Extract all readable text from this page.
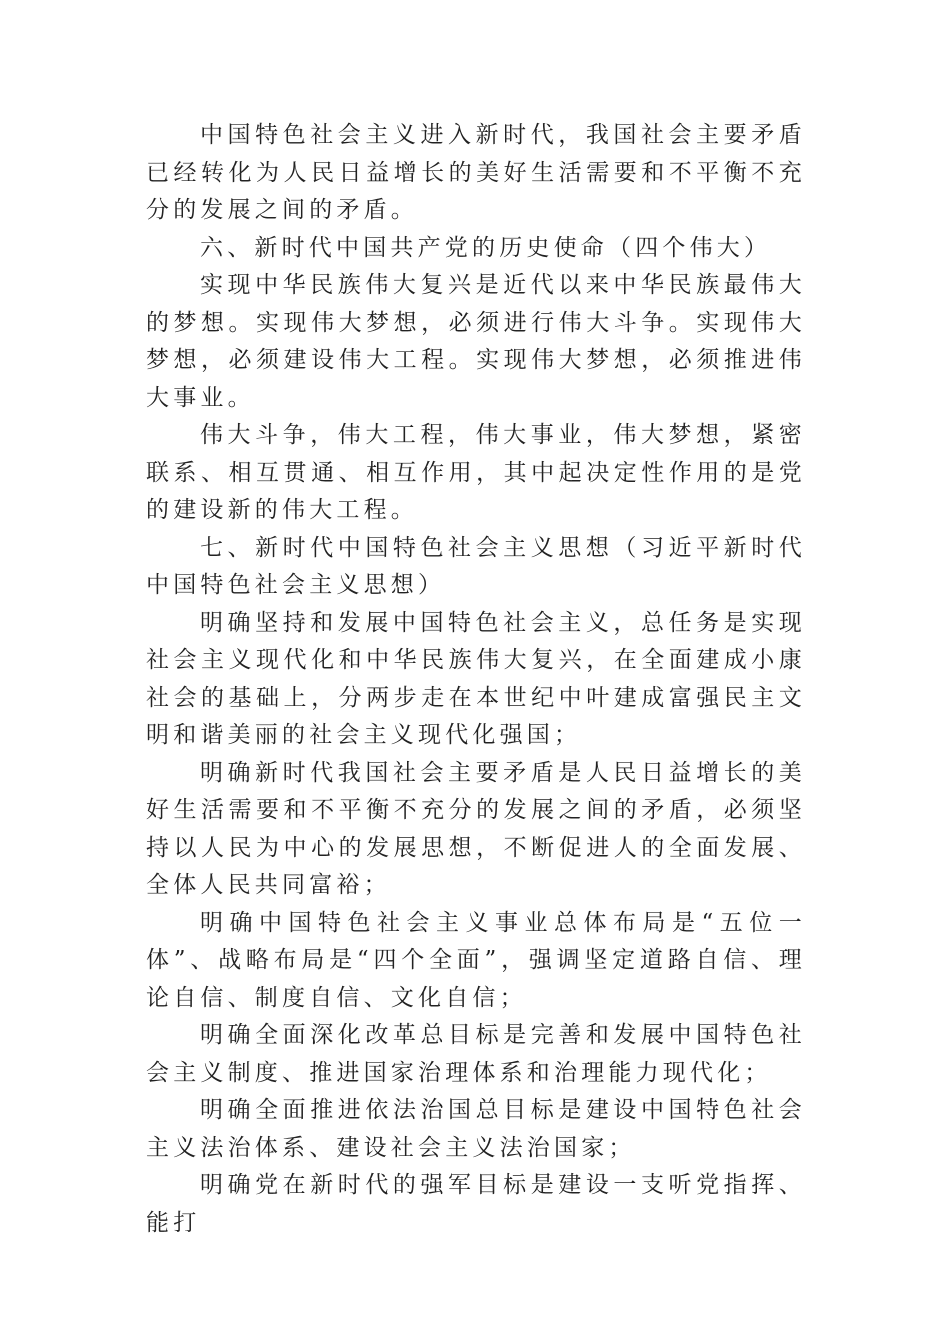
中国特色社会主义进入新时代，我国社会主要矛盾已经转化为人民日益增长的美好生活需要和不平衡不充分的发展之间的矛盾。

六、新时代中国共产党的历史使命（四个伟大）

实现中华民族伟大复兴是近代以来中华民族最伟大的梦想。实现伟大梦想，必须进行伟大斗争。实现伟大梦想，必须建设伟大工程。实现伟大梦想，必须推进伟大事业。

伟大斗争，伟大工程，伟大事业，伟大梦想，紧密联系、相互贯通、相互作用，其中起决定性作用的是党的建设新的伟大工程。

七、新时代中国特色社会主义思想（习近平新时代中国特色社会主义思想）

明确坚持和发展中国特色社会主义，总任务是实现社会主义现代化和中华民族伟大复兴，在全面建成小康社会的基础上，分两步走在本世纪中叶建成富强民主文明和谐美丽的社会主义现代化强国；

明确新时代我国社会主要矛盾是人民日益增长的美好生活需要和不平衡不充分的发展之间的矛盾，必须坚持以人民为中心的发展思想，不断促进人的全面发展、全体人民共同富裕；

明确中国特色社会主义事业总体布局是“五位一体”、战略布局是“四个全面”，强调坚定道路自信、理论自信、制度自信、文化自信；

明确全面深化改革总目标是完善和发展中国特色社会主义制度、推进国家治理体系和治理能力现代化；

明确全面推进依法治国总目标是建设中国特色社会主义法治体系、建设社会主义法治国家；

明确党在新时代的强军目标是建设一支听党指挥、能打
